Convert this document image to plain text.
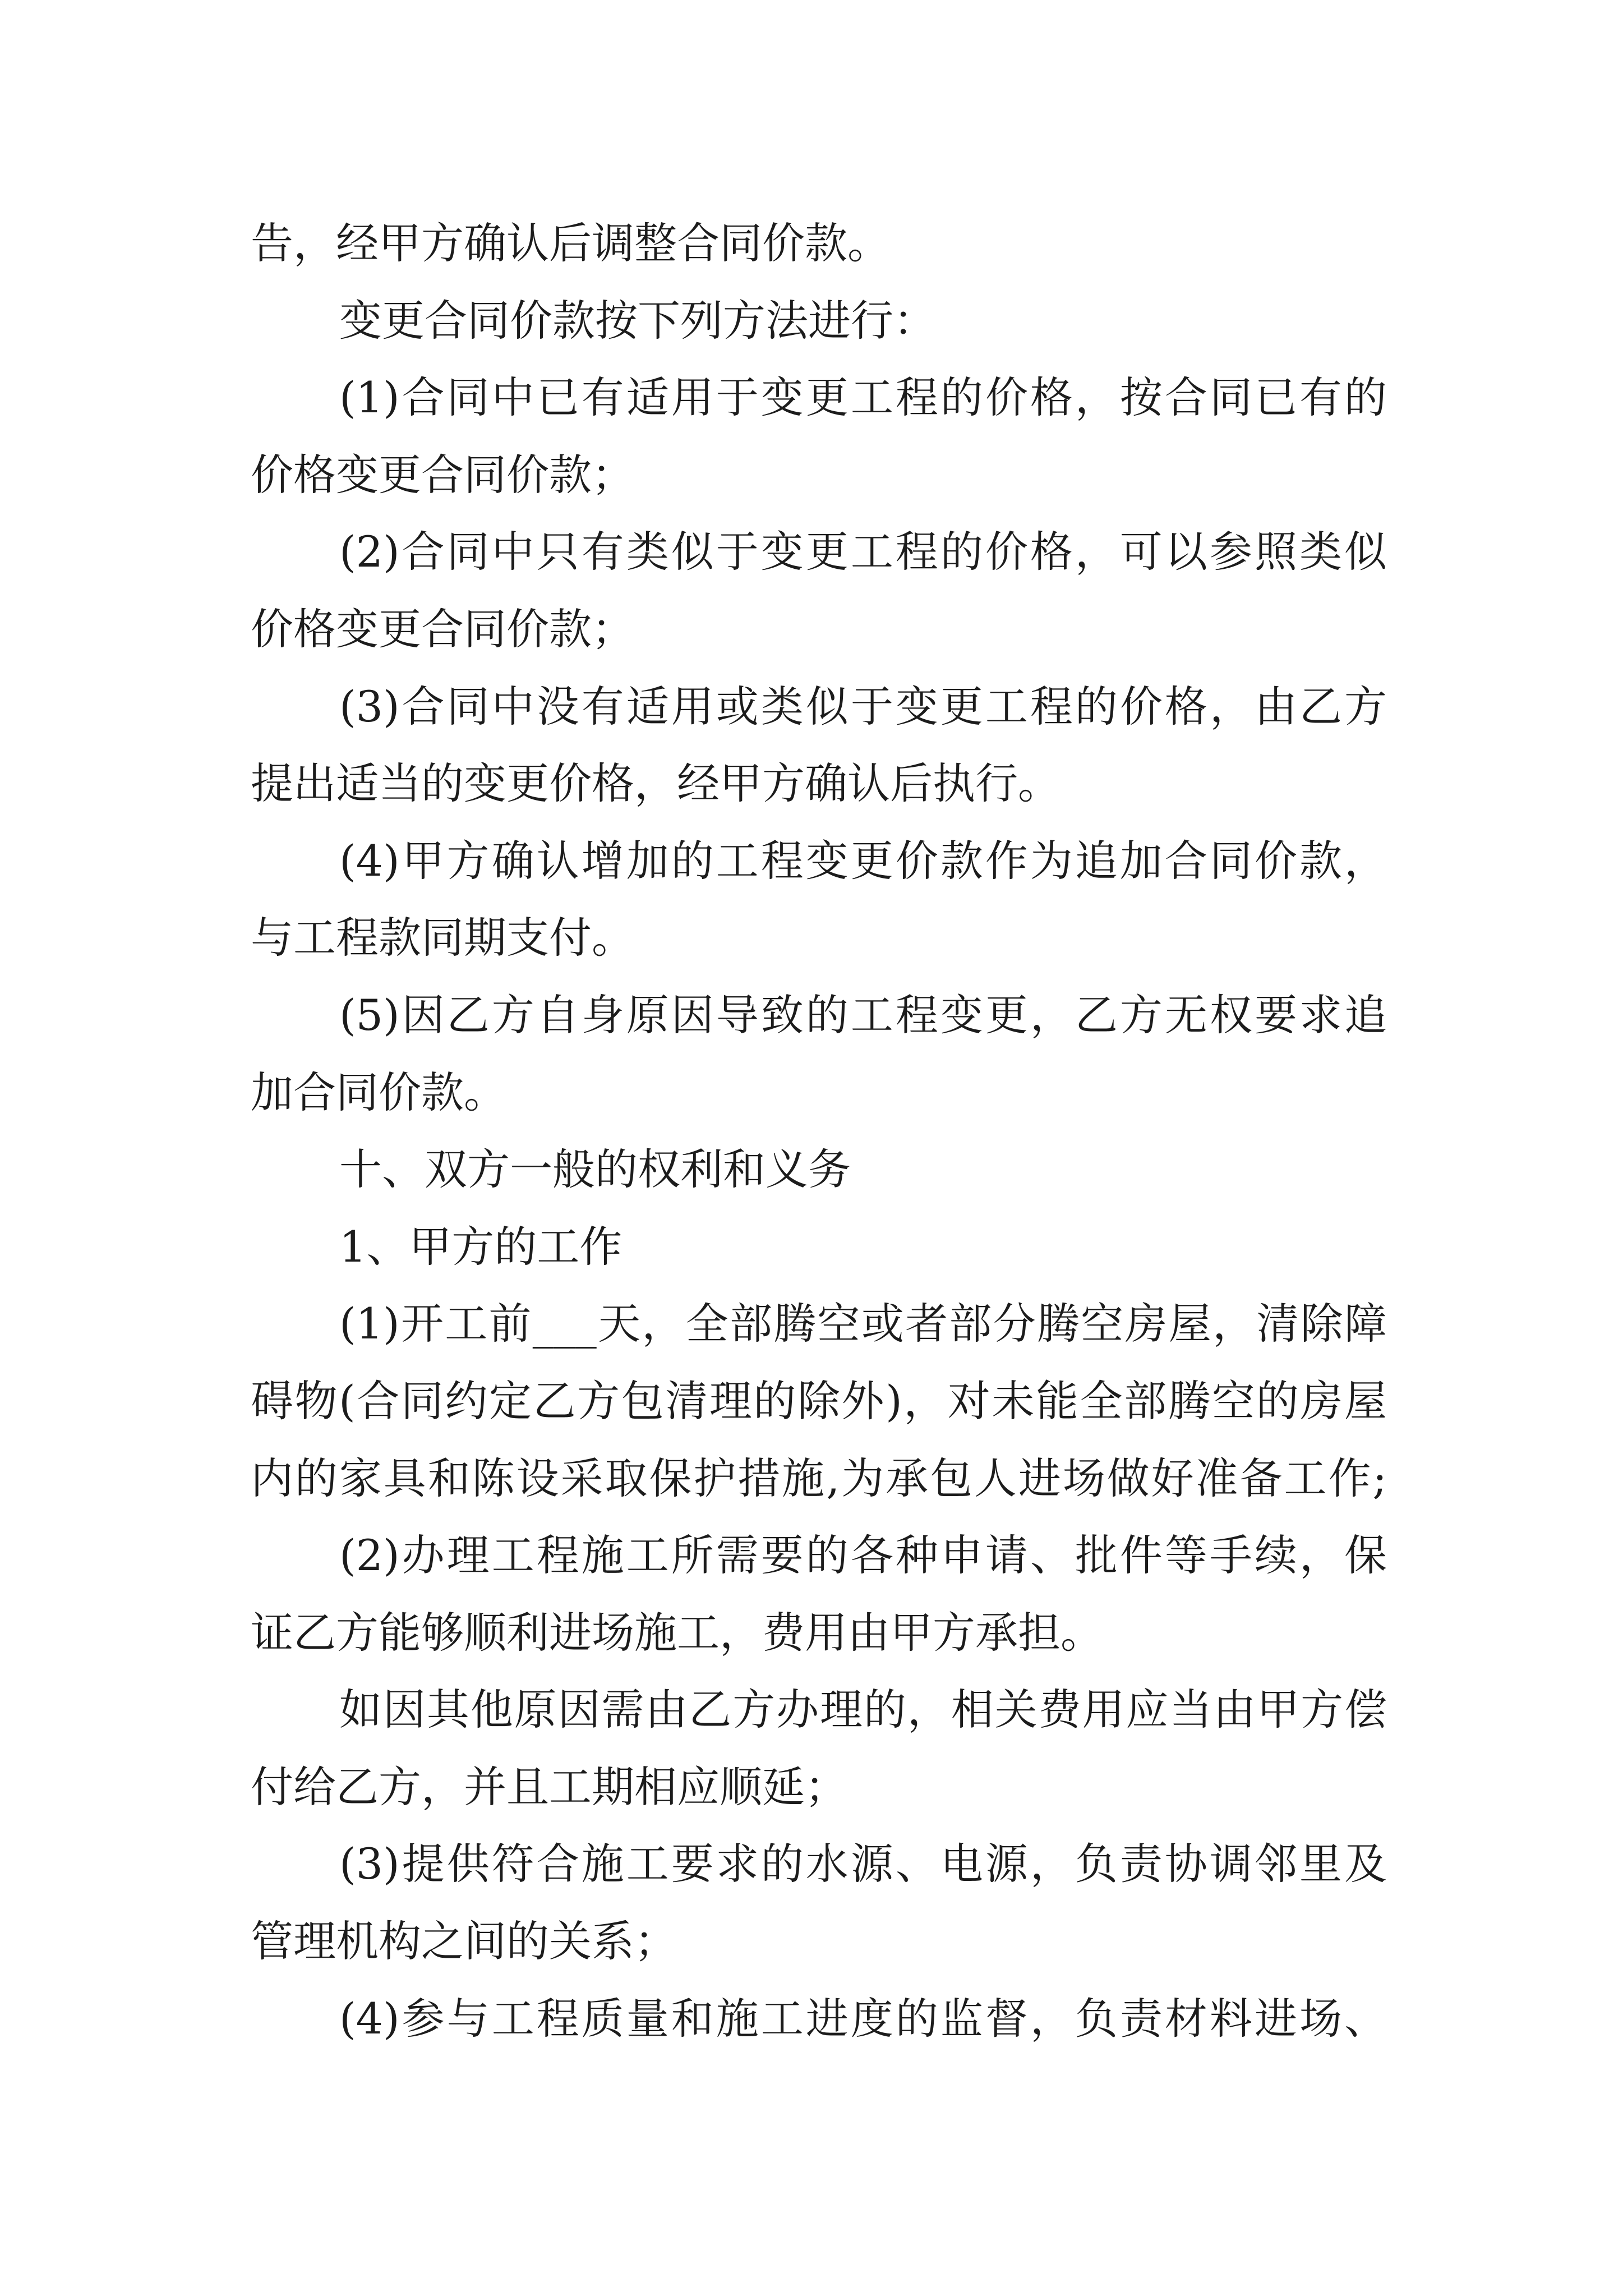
告，经甲方确认后调整合同价款。
变更合同价款按下列方法进行：
(1)合同中已有适用于变更工程的价格，按合同已有的
价格变更合同价款；
(2)合同中只有类似于变更工程的价格，可以参照类似
价格变更合同价款；
(3)合同中没有适用或类似于变更工程的价格，由乙方
提出适当的变更价格，经甲方确认后执行。
(4)甲方确认增加的工程变更价款作为追加合同价款，
与工程款同期支付。
(5)因乙方自身原因导致的工程变更，乙方无权要求追
加合同价款。
十、双方一般的权利和义务
1、甲方的工作
(1)开工前___天，全部腾空或者部分腾空房屋，清除障
碍物(合同约定乙方包清理的除外)，对未能全部腾空的房屋
内的家具和陈设采取保护措施,为承包人进场做好准备工作;
(2)办理工程施工所需要的各种申请、批件等手续，保
证乙方能够顺利进场施工，费用由甲方承担。
如因其他原因需由乙方办理的，相关费用应当由甲方偿
付给乙方，并且工期相应顺延；
(3)提供符合施工要求的水源、电源，负责协调邻里及
管理机构之间的关系；
(4)参与工程质量和施工进度的监督，负责材料进场、
